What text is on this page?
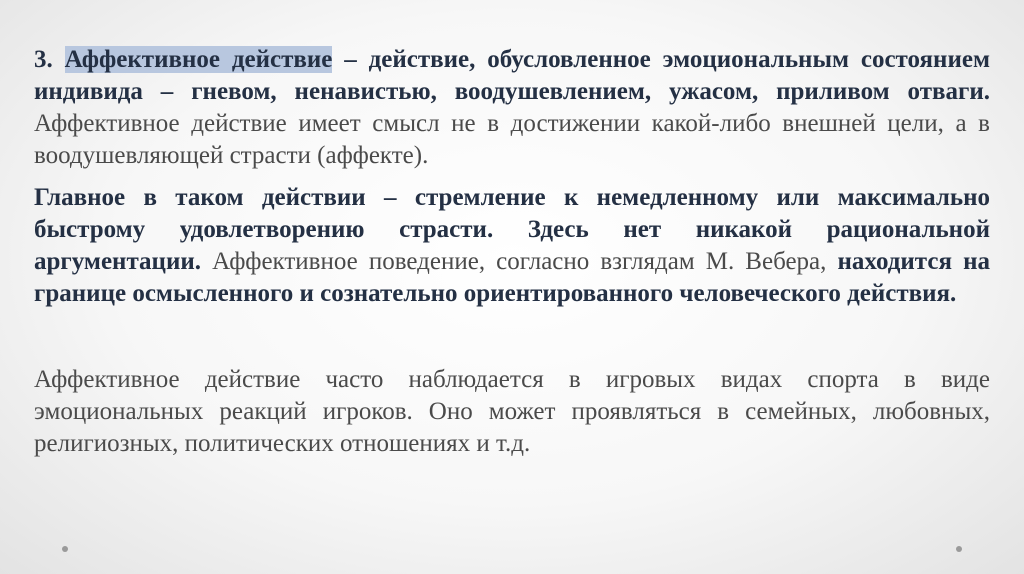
3. Аффективное действие – действие, обусловленное эмоциональным состоянием индивида – гневом, ненавистью, воодушевлением, ужасом, приливом отваги. Аффективное действие имеет смысл не в достижении какой-либо внешней цели, а в воодушевляющей страсти (аффекте).

Главное в таком действии – стремление к немедленному или максимально быстрому удовлетворению страсти. Здесь нет никакой рациональной аргументации. Аффективное поведение, согласно взглядам М. Вебера, находится на границе осмысленного и сознательно ориентированного человеческого действия.

Аффективное действие часто наблюдается в игровых видах спорта в виде эмоциональных реакций игроков. Оно может проявляться в семейных, любовных, религиозных, политических отношениях и т.д.
